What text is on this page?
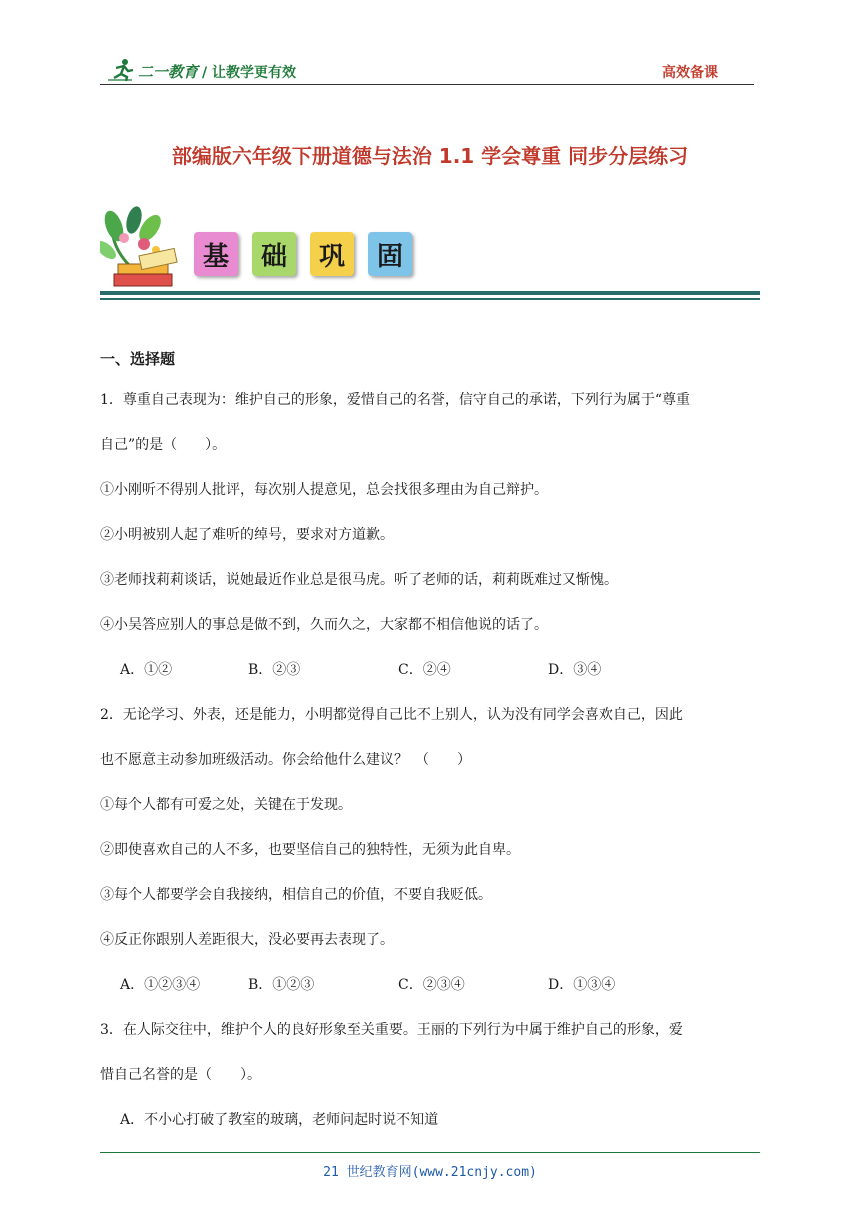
二一教育 / 让教学更有效	高效备课
部编版六年级下册道德与法治 1.1 学会尊重 同步分层练习
基	础	巩	固
一、选择题
1．尊重自己表现为：维护自己的形象，爱惜自己的名誉，信守自己的承诺，下列行为属于“尊重
自己”的是（　　）。
①小刚听不得别人批评，每次别人提意见，总会找很多理由为自己辩护。
②小明被别人起了难听的绰号，要求对方道歉。
③老师找莉莉谈话，说她最近作业总是很马虎。听了老师的话，莉莉既难过又惭愧。
④小吴答应别人的事总是做不到，久而久之，大家都不相信他说的话了。
A．①②	B．②③	C．②④	D．③④
2．无论学习、外表，还是能力，小明都觉得自己比不上别人，认为没有同学会喜欢自己，因此
也不愿意主动参加班级活动。你会给他什么建议？　（　　）
①每个人都有可爱之处，关键在于发现。
②即使喜欢自己的人不多，也要坚信自己的独特性，无须为此自卑。
③每个人都要学会自我接纳，相信自己的价值，不要自我贬低。
④反正你跟别人差距很大，没必要再去表现了。
A．①②③④	B．①②③	C．②③④	D．①③④
3．在人际交往中，维护个人的良好形象至关重要。王丽的下列行为中属于维护自己的形象，爱
惜自己名誉的是（　　）。
A．不小心打破了教室的玻璃，老师问起时说不知道
21 世纪教育网(www.21cnjy.com)
